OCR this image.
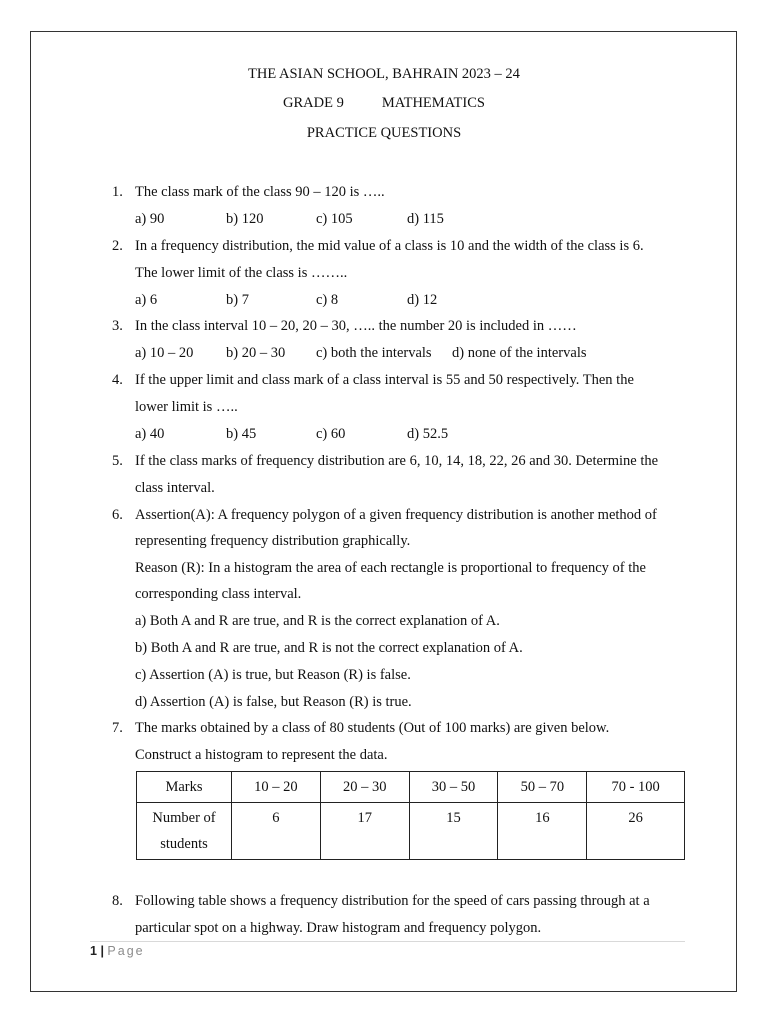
THE ASIAN SCHOOL, BAHRAIN 2023 – 24
GRADE 9	MATHEMATICS
PRACTICE QUESTIONS
1. The class mark of the class 90 – 120 is …..
a) 90	b) 120	c) 105	d) 115
2. In a frequency distribution, the mid value of a class is 10 and the width of the class is 6.
The lower limit of the class is ……..
a) 6	b) 7	c) 8	d) 12
3. In the class interval 10 – 20, 20 – 30, ….. the number 20 is included in ……
a) 10 – 20 b) 20 – 30 c) both the intervals d) none of the intervals
4. If the upper limit and class mark of a class interval is 55 and 50 respectively. Then the
lower limit is …..
a) 40	b) 45	c) 60	d) 52.5
5. If the class marks of frequency distribution are 6, 10, 14, 18, 22, 26 and 30. Determine the
class interval.
6. Assertion(A): A frequency polygon of a given frequency distribution is another method of
representing frequency distribution graphically.
Reason (R): In a histogram the area of each rectangle is proportional to frequency of the
corresponding class interval.
a) Both A and R are true, and R is the correct explanation of A.
b) Both A and R are true, and R is not the correct explanation of A.
c) Assertion (A) is true, but Reason (R) is false.
d) Assertion (A) is false, but Reason (R) is true.
7. The marks obtained by a class of 80 students (Out of 100 marks) are given below.
Construct a histogram to represent the data.
Marks	10 – 20	20 – 30	30 – 50	50 – 70	70 - 100
Number of
students	6	17	15	16	26
8. Following table shows a frequency distribution for the speed of cars passing through at a
particular spot on a highway. Draw histogram and frequency polygon.
1 | Page
